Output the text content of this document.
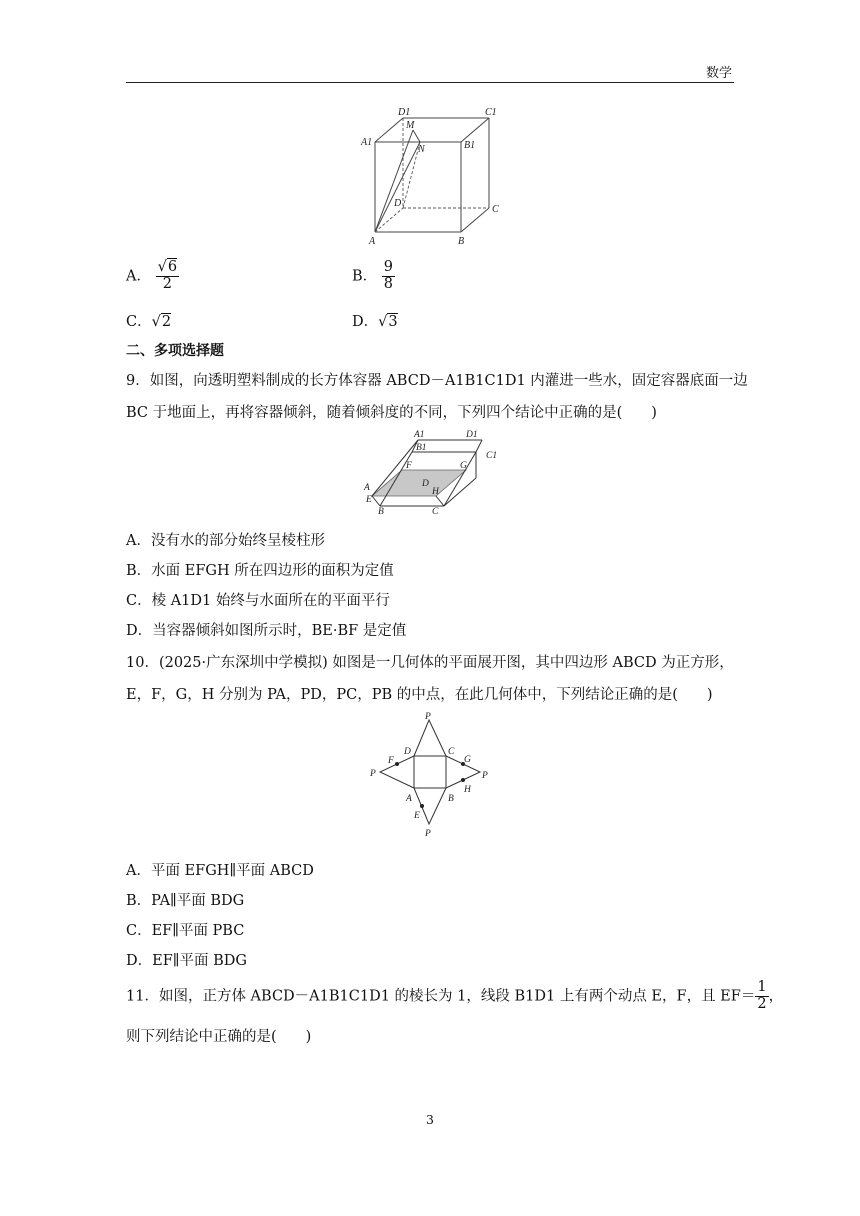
数学
D1	C1
M
A1
N	B1
D
C
A	B
A． $\frac{√6}{2}$	B． $\frac{9}{8}$
C．√2	D．√3
二、多项选择题
9．如图，向透明塑料制成的长方体容器 ABCD－A1B1C1D1 内灌进一些水，固定容器底面一边
BC 于地面上，再将容器倾斜，随着倾斜度的不同，下列四个结论中正确的是(　　)
A1	D1
B1
C1
F	G
D
A
E
H
B	C
A．没有水的部分始终呈棱柱形
B．水面 EFGH 所在四边形的面积为定值
C．棱 A1D1 始终与水面所在的平面平行
D．当容器倾斜如图所示时，BE·BF 是定值
10．(2025·广东深圳中学模拟) 如图是一几何体的平面展开图，其中四边形 ABCD 为正方形，
E，F，G，H 分别为 PA，PD，PC，PB 的中点，在此几何体中，下列结论正确的是(　　)
P
D	C
F	G
P	P
A	B
H
E
P
A．平面 EFGH∥平面 ABCD
B．PA∥平面 BDG
C．EF∥平面 PBC
D．EF∥平面 BDG
11．如图，正方体 ABCD－A1B1C1D1 的棱长为 1，线段 B1D1 上有两个动点 E，F，且 $EF= \frac{1}{2}$ ，
则下列结论中正确的是(　　)
3
